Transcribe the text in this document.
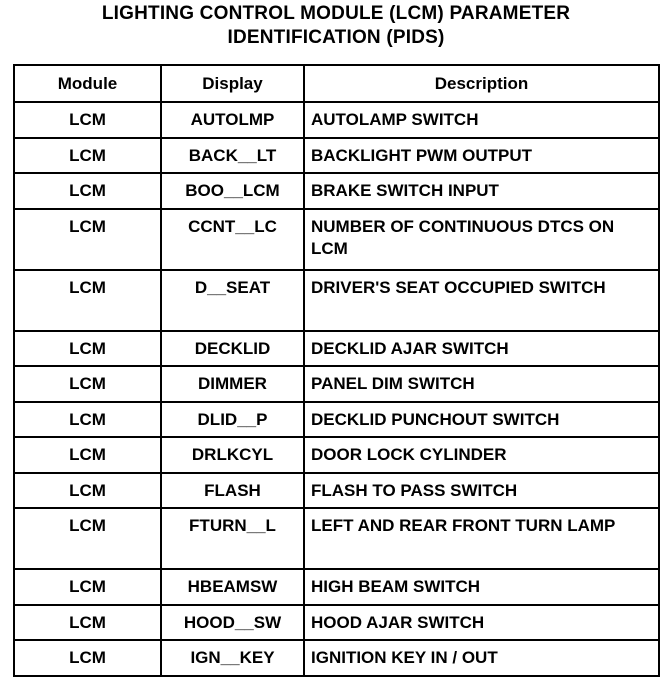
LIGHTING CONTROL MODULE (LCM) PARAMETER
IDENTIFICATION (PIDS)
Module	Display	Description
LCM	AUTOLMP	AUTOLAMP SWITCH
LCM	BACK__LT	BACKLIGHT PWM OUTPUT
LCM	BOO__LCM	BRAKE SWITCH INPUT
LCM	CCNT__LC	NUMBER OF CONTINUOUS DTCS ON LCM
LCM	D__SEAT	DRIVER'S SEAT OCCUPIED SWITCH
LCM	DECKLID	DECKLID AJAR SWITCH
LCM	DIMMER	PANEL DIM SWITCH
LCM	DLID__P	DECKLID PUNCHOUT SWITCH
LCM	DRLKCYL	DOOR LOCK CYLINDER
LCM	FLASH	FLASH TO PASS SWITCH
LCM	FTURN__L	LEFT AND REAR FRONT TURN LAMP
LCM	HBEAMSW	HIGH BEAM SWITCH
LCM	HOOD__SW	HOOD AJAR SWITCH
LCM	IGN__KEY	IGNITION KEY IN / OUT
